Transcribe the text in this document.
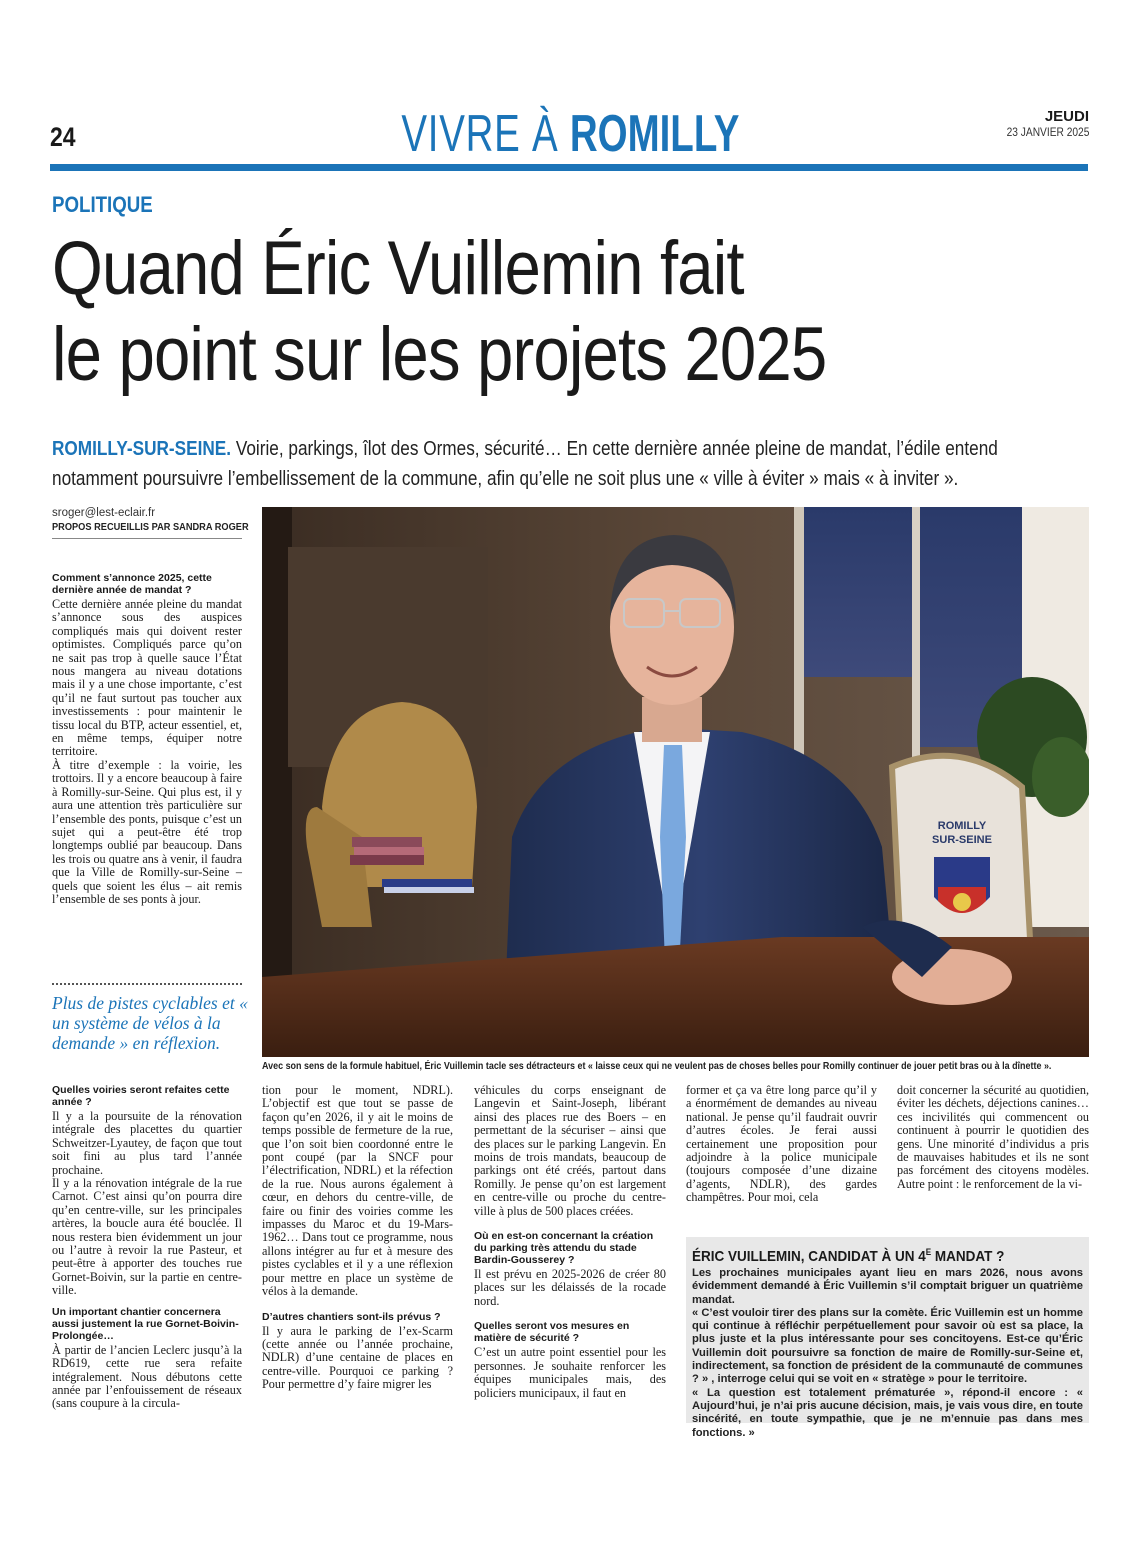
24	VIVRE À ROMILLY	JEUDI
23 JANVIER 2025
POLITIQUE
Quand Éric Vuillemin fait
le point sur les projets 2025
ROMILLY-SUR-SEINE. Voirie, parkings, îlot des Ormes, sécurité… En cette dernière année pleine de mandat, l’édile entend
notamment poursuivre l’embellissement de la commune, afin qu’elle ne soit plus une « ville à éviter » mais « à inviter ».
sroger@lest-eclair.fr
PROPOS RECUEILLIS PAR SANDRA ROGER
Comment s’annonce 2025, cette dernière année de mandat ?
Cette dernière année pleine du mandat s’annonce sous des auspices compliqués mais qui doivent rester optimistes. Compliqués parce qu’on ne sait pas trop à quelle sauce l’État nous mangera au niveau dotations mais il y a une chose importante, c’est qu’il ne faut surtout pas toucher aux investissements : pour maintenir le tissu local du BTP, acteur essentiel, et, en même temps, équiper notre territoire.
À titre d’exemple : la voirie, les trottoirs. Il y a encore beaucoup à faire à Romilly-sur-Seine. Qui plus est, il y aura une attention très particulière sur l’ensemble des ponts, puisque c’est un sujet qui a peut-être été trop longtemps oublié par beaucoup. Dans les trois ou quatre ans à venir, il faudra que la Ville de Romilly-sur-Seine – quels que soient les élus – ait remis l’ensemble de ses ponts à jour.
Plus de pistes cyclables et « un système de vélos à la demande » en réflexion.
Quelles voiries seront refaites cette année ?
Il y a la poursuite de la rénovation intégrale des placettes du quartier Schweitzer-Lyautey, de façon que tout soit fini au plus tard l’année prochaine.
Il y a la rénovation intégrale de la rue Carnot. C’est ainsi qu’on pourra dire qu’en centre-ville, sur les principales artères, la boucle aura été bouclée. Il nous restera bien évidemment un jour ou l’autre à revoir la rue Pasteur, et peut-être à apporter des touches rue Gornet-Boivin, sur la partie en centre-ville.
Un important chantier concernera aussi justement la rue Gornet-Boivin-Prolongée…
À partir de l’ancien Leclerc jusqu’à la RD619, cette rue sera refaite intégralement. Nous débutons cette année par l’enfouissement de réseaux (sans coupure à la circula-
ROMILLY
SUR-SEINE
Avec son sens de la formule habituel, Éric Vuillemin tacle ses détracteurs et « laisse ceux qui ne veulent pas de choses belles pour Romilly continuer de jouer petit bras ou à la dînette ».
tion pour le moment, NDRL). L’objectif est que tout se passe de façon qu’en 2026, il y ait le moins de temps possible de fermeture de la rue, que l’on soit bien coordonné entre le pont coupé (par la SNCF pour l’électrification, NDRL) et la réfection de la rue. Nous aurons également à cœur, en dehors du centre-ville, de faire ou finir des voiries comme les impasses du Maroc et du 19-Mars-1962… Dans tout ce programme, nous allons intégrer au fur et à mesure des pistes cyclables et il y a une réflexion pour mettre en place un système de vélos à la demande.
D’autres chantiers sont-ils prévus ?
Il y aura le parking de l’ex-Scarm (cette année ou l’année prochaine, NDLR) d’une centaine de places en centre-ville. Pourquoi ce parking ? Pour permettre d’y faire migrer les
véhicules du corps enseignant de Langevin et Saint-Joseph, libérant ainsi des places rue des Boers – en permettant de la sécuriser – ainsi que des places sur le parking Langevin. En moins de trois mandats, beaucoup de parkings ont été créés, partout dans Romilly. Je pense qu’on est largement en centre-ville ou proche du centre-ville à plus de 500 places créées.
Où en est-on concernant la création du parking très attendu du stade Bardin-Gousserey ?
Il est prévu en 2025-2026 de créer 80 places sur les délaissés de la rocade nord.
Quelles seront vos mesures en matière de sécurité ?
C’est un autre point essentiel pour les personnes. Je souhaite renforcer les équipes municipales mais, des policiers municipaux, il faut en
former et ça va être long parce qu’il y a énormément de demandes au niveau national. Je pense qu’il faudrait ouvrir d’autres écoles. Je ferai aussi certainement une proposition pour adjoindre à la police municipale (toujours composée d’une dizaine d’agents, NDLR), des gardes champêtres. Pour moi, cela
doit concerner la sécurité au quotidien, éviter les déchets, déjections canines… ces incivilités qui commencent ou continuent à pourrir le quotidien des gens. Une minorité d’individus a pris de mauvaises habitudes et ils ne sont pas forcément des citoyens modèles. Autre point : le renforcement de la vi-
ÉRIC VUILLEMIN, CANDIDAT À UN $4^E$ MANDAT ?
Les prochaines municipales ayant lieu en mars 2026, nous avons évidemment demandé à Éric Vuillemin s’il comptait briguer un quatrième mandat.
« C’est vouloir tirer des plans sur la comète. Éric Vuillemin est un homme qui continue à réfléchir perpétuellement pour savoir où est sa place, la plus juste et la plus intéressante pour ses concitoyens. Est-ce qu’Éric Vuillemin doit poursuivre sa fonction de maire de Romilly-sur-Seine et, indirectement, sa fonction de président de la communauté de communes ? » , interroge celui qui se voit en « stratège » pour le territoire.
« La question est totalement prématurée », répond-il encore : « Aujourd’hui, je n’ai pris aucune décision, mais, je vais vous dire, en toute sincérité, en toute sympathie, que je ne m’ennuie pas dans mes fonctions. »
